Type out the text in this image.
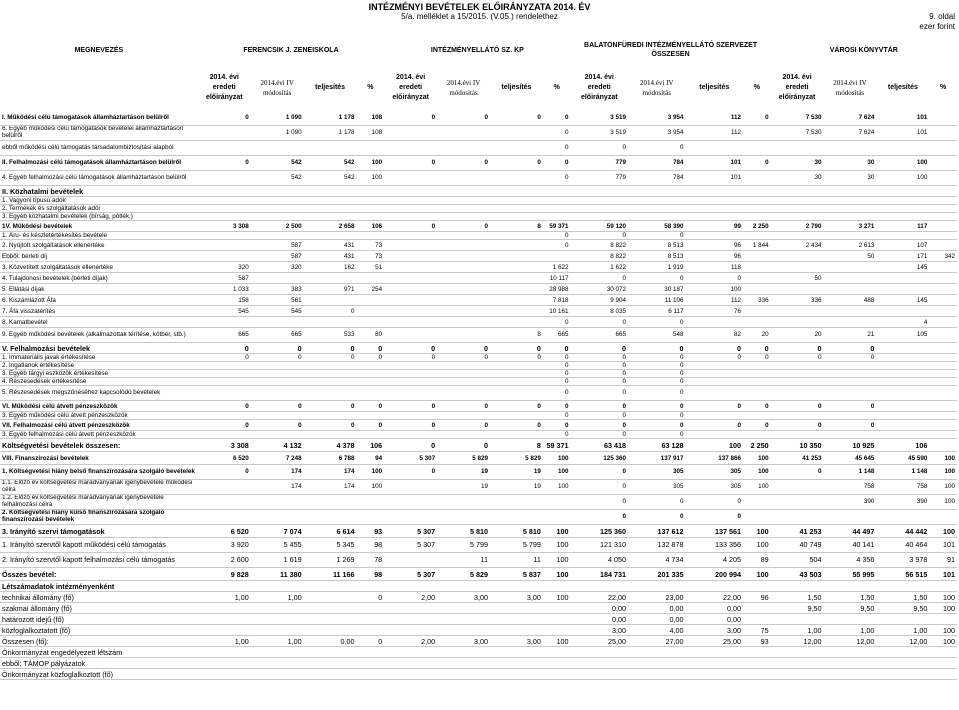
INTÉZMÉNYI BEVÉTELEK ELŐIRÁNYZATA 2014. ÉV
5/a. melléklet a 15/2015. (V.05.) rendelethez	9. oldal
ezer forint
MEGNEVEZÉS	FERENCSIK J. ZENEISKOLA				INTÉZMÉNYELLÁTÓ SZ. KP				BALATONFÜREDI INTÉZMÉNYELLÁTÓ SZERVEZET ÖSSZESEN				VÁROSI KÖNYVTÁR			
	2014. évi eredeti előirányzat	2014.évi IV módosítás	teljesítés	%	2014. évi eredeti előirányzat	2014.évi IV módosítás	teljesítés	%	2014. évi eredeti előirányzat	2014.évi IV módosítás	teljesítés	%	2014. évi eredeti előirányzat	2014.évi IV módosítás	teljesítés	%
I. Működési célú támogatások államháztartáson belülről	0	1 090	1 178	108	0	0	0	0	3 519	3 954	112	0	7 530	7 624	101	
6. Egyéb működési célú támogatások bevételei államháztartáson belülről		1 090	1 178	108				0	3 519	3 954	112		7 530	7 624	101	
ebből működési célú támogatás társadalombiztosítási alapból								0	0	0						
II. Felhalmozási célú támogatások államháztartáson belülről	0	542	542	100	0	0	0	0	779	784	101	0	30	30	100	
4. Egyéb felhalmozási célú támogatások államháztartáson belülről		542	542	100				0	779	784	101		30	30	100	
II. Közhatalmi bevételek																
1. Vagyoni típusú adók																
2. Termékek és szolgáltatások adói																
3. Egyéb közhatalmi bevételek (bírság, pótlék,)																
1V. Működési bevételek	3 308	2 500	2 658	106	0	0	8	59 371	59 120	58 390	99	2 250	2 790	3 271	117	
1. Áru- és készletértékesítés bevétele								0	0	0						
2. Nyújtott szolgáltatások ellenértéke		587	431	73				0	8 822	8 513	96	1 844	2 434	2 613	107	
Ebből: bérleti díj		587	431	73					8 822	8 513	96			50	171	342
3. Közvetített szolgáltatások ellenértéke	320	320	162	51				1 622	1 622	1 919	118				145	
4. Tulajdonosi bevételek (bérleti díjak)	587							10 117	0	0	0		50			
5. Ellátási díjak	1 033	383	971	254				28 988	30 072	30 187	100					
6. Kiszámlázott Áfa	158	561						7 818	9 904	11 106	112	336	336	488	145	
7. Áfa visszatérítés	545	545	0					10 161	8 035	6 117	76					
8. Kamatbevétel								0	0	0					4	
9. Egyéb működési bevételek (alkalmazottak térítése, kötbér, stb.)	665	665	533	80			8	665	665	548	82	20	20	21	105	
V. Felhalmozási bevételek	0	0	0	0	0	0	0	0	0	0	0	0	0	0		
1. Immateriális javak értékesítése	0	0	0	0	0	0	0	0	0	0	0	0	0	0		
2. Ingatlanok értékesítése								0	0	0						
3. Egyéb tárgyi eszközök értékesítése								0	0	0						
4. Részesedések értékesítése								0	0	0						
5. Részesedések megszűnéséhez kapcsolódó bevételek								0	0	0						
VI. Működési célú átvett pénzeszközök	0	0	0	0	0	0	0	0	0	0	0	0	0	0		
3. Egyéb működési célú átvett pénzeszközök								0	0	0						
VII. Felhalmozási célú átvett pénzeszközök	0	0	0	0	0	0	0	0	0	0	0	0	0	0		
3. Egyéb felhalmozási célú átvett pénzeszközök								0	0	0						
Költségvetési bevételek összesen:	3 308	4 132	4 378	106	0	0	8	59 371	63 418	63 128	100	2 250	10 350	10 925	106	
VIII. Finanszírozási bevételek	6 520	7 248	6 788	94	5 307	5 829	5 829	100	125 360	137 917	137 866	100	41 253	45 645	45 590	100
1. Költségvetési hiány belső finanszírozására szolgáló bevételek	0	174	174	100	0	19	19	100	0	305	305	100	0	1 148	1 148	100
1.1. Előző év költségvetési maradványának igénybevétele működési célra		174	174	100		19	19	100	0	305	305	100		758	758	100
1.2. Előző év költségvetési maradványának igénybevétele felhalmozási célra									0	0	0			390	390	100
2. Költségvetési hiány külső finanszírozására szolgáló finanszírozási bevételek									0	0	0					
3. Irányító szervi támogatások	6 520	7 074	6 614	93	5 307	5 810	5 810	100	125 360	137 612	137 561	100	41 253	44 497	44 442	100
1. Irányító szervtől kapott működési célú támogatás	3 920	5 455	5 345	98	5 307	5 799	5 799	100	121 310	132 878	133 356	100	40 749	40 141	40 464	101
2. Irányító szervtől kapott felhalmozási célú támogatás	2 600	1 619	1 269	78		11	11	100	4 050	4 734	4 205	89	504	4 356	3 978	91
Összes bevétel:	9 828	11 380	11 166	98	5 307	5 829	5 837	100	184 731	201 335	200 994	100	43 503	55 995	56 515	101
Létszámadatok intézményenként																
technikai állomány (fő)	1,00	1,00		0	2,00	3,00	3,00	100	22,00	23,00	22,00	96	1,50	1,50	1,50	100
szakmai állomány (fő)									0,00	0,00	0,00		9,50	9,50	9,50	100
határozott idejű (fő)									0,00	0,00	0,00					
közfoglalkoztatott (fő)									3,00	4,00	3,00	75	1,00	1,00	1,00	100
Összesen (fő):	1,00	1,00	0,00	0	2,00	3,00	3,00	100	25,00	27,00	25,00	93	12,00	12,00	12,00	100
Önkormányzat engedélyezett létszám																
ebből: TÁMOP pályázatok																
Önkormányzat közfoglalkoztott (fő)																
